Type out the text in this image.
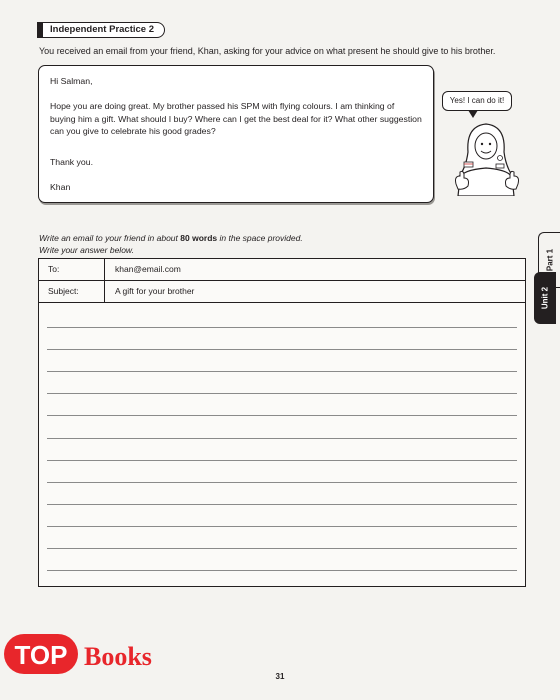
Independent Practice 2
You received an email from your friend, Khan, asking for your advice on what present he should give to his brother.

Hi Salman,

Hope you are doing great. My brother passed his SPM with flying colours. I am thinking of buying him a gift. What should I buy? Where can I get the best deal for it? What other suggestion can you give to celebrate his good grades?

Thank you.

Khan

Yes! I can do it!
Write an email to your friend in about 80 words in the space provided.
Write your answer below.
To:	khan@email.com
Subject:	A gift for your brother
Part 1
Unit 2
TOP Books
31
